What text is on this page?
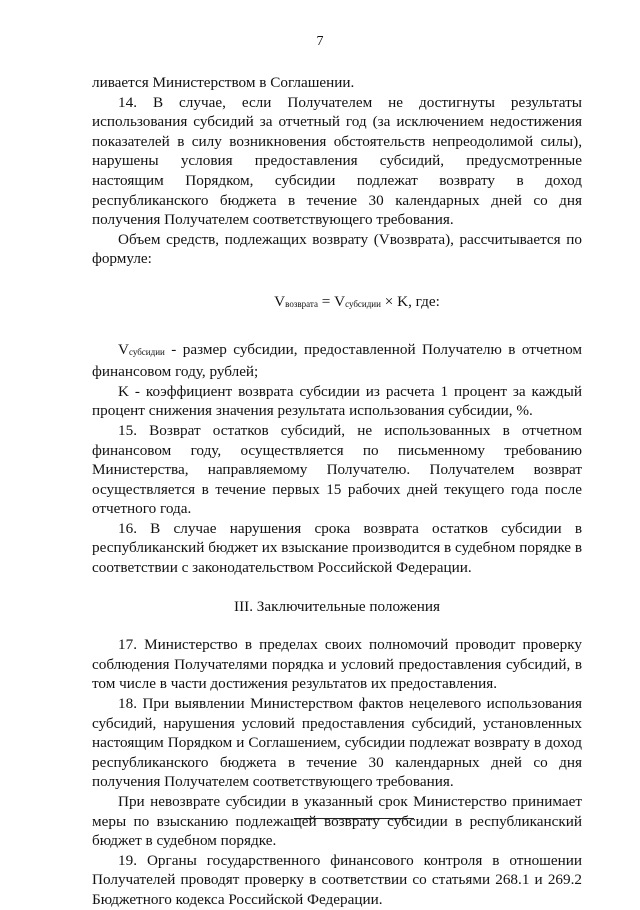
7

ливается Министерством в Соглашении.

14. В случае, если Получателем не достигнуты результаты использования субсидий за отчетный год (за исключением недостижения показателей в силу возникновения обстоятельств непреодолимой силы), нарушены условия предоставления субсидий, предусмотренные настоящим Порядком, субсидии подлежат возврату в доход республиканского бюджета в течение 30 календарных дней со дня получения Получателем соответствующего требования.

Объем средств, подлежащих возврату (Vвозврата), рассчитывается по формуле:

$V_{возврата} = V_{субсидии} \times K$, где:

$V_{субсидии}$ - размер субсидии, предоставленной Получателю в отчетном финансовом году, рублей;

K - коэффициент возврата субсидии из расчета 1 процент за каждый процент снижения значения результата использования субсидии, %.

15. Возврат остатков субсидий, не использованных в отчетном финансовом году, осуществляется по письменному требованию Министерства, направляемому Получателю. Получателем возврат осуществляется в течение первых 15 рабочих дней текущего года после отчетного года.

16. В случае нарушения срока возврата остатков субсидии в республиканский бюджет их взыскание производится в судебном порядке в соответствии с законодательством Российской Федерации.

III. Заключительные положения

17. Министерство в пределах своих полномочий проводит проверку соблюдения Получателями порядка и условий предоставления субсидий, в том числе в части достижения результатов их предоставления.

18. При выявлении Министерством фактов нецелевого использования субсидий, нарушения условий предоставления субсидий, установленных настоящим Порядком и Соглашением, субсидии подлежат возврату в доход республиканского бюджета в течение 30 календарных дней со дня получения Получателем соответствующего требования.

При невозврате субсидии в указанный срок Министерство принимает меры по взысканию подлежащей возврату субсидии в республиканский бюджет в судебном порядке.

19. Органы государственного финансового контроля в отношении Получателей проводят проверку в соответствии со статьями 268.1 и 269.2 Бюджетного кодекса Российской Федерации.
